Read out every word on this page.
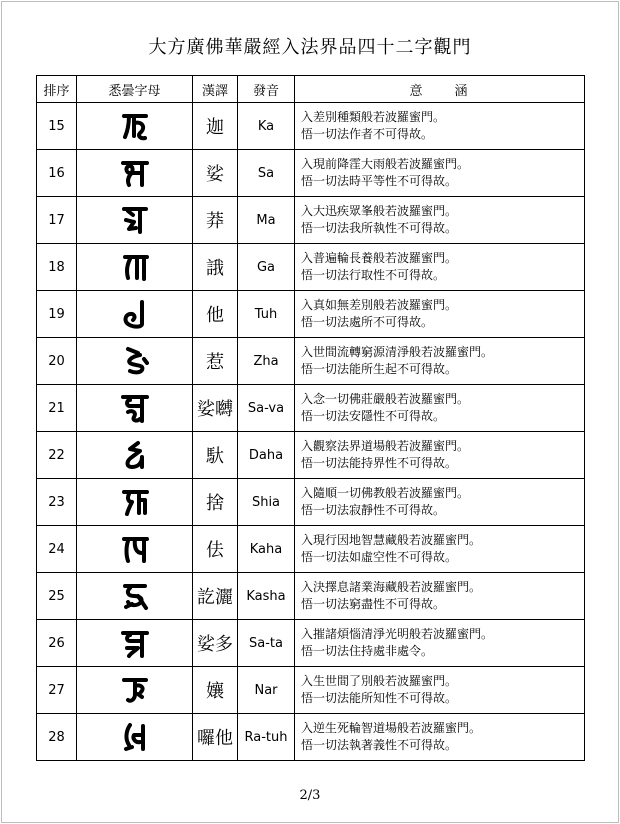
大方廣佛華嚴經入法界品四十二字觀門
排序	悉曇字母	漢譯	發音	意　　涵
15		迦	Ka	入差別種類般若波羅蜜門。
悟一切法作者不可得故。

16		娑	Sa	入現前降霔大雨般若波羅蜜門。
悟一切法時平等性不可得故。

17		莽	Ma	入大迅疾眾峯般若波羅蜜門。
悟一切法我所執性不可得故。

18		誐	Ga	入普遍輪長養般若波羅蜜門。
悟一切法行取性不可得故。

19		他	Tuh	入真如無差別般若波羅蜜門。
悟一切法處所不可得故。

20		惹	Zha	入世間流轉窮源清淨般若波羅蜜門。
悟一切法能所生起不可得故。

21		娑嚩	Sa-va	入念一切佛莊嚴般若波羅蜜門。
悟一切法安隱性不可得故。

22		馱	Daha	入觀察法界道場般若波羅蜜門。
悟一切法能持界性不可得故。

23		捨	Shia	入隨順一切佛教般若波羅蜜門。
悟一切法寂靜性不可得故。

24		佉	Kaha	入現行因地智慧藏般若波羅蜜門。
悟一切法如虛空性不可得故。

25		訖灑	Kasha	入決擇息諸業海藏般若波羅蜜門。
悟一切法窮盡性不可得故。

26		娑多	Sa-ta	入摧諸煩惱清淨光明般若波羅蜜門。
悟一切法住持處非處令。

27		孃	Nar	入生世間了別般若波羅蜜門。
悟一切法能所知性不可得故。

28		囉他	Ra-tuh	入逆生死輪智道場般若波羅蜜門。
悟一切法執著義性不可得故。
2/3
